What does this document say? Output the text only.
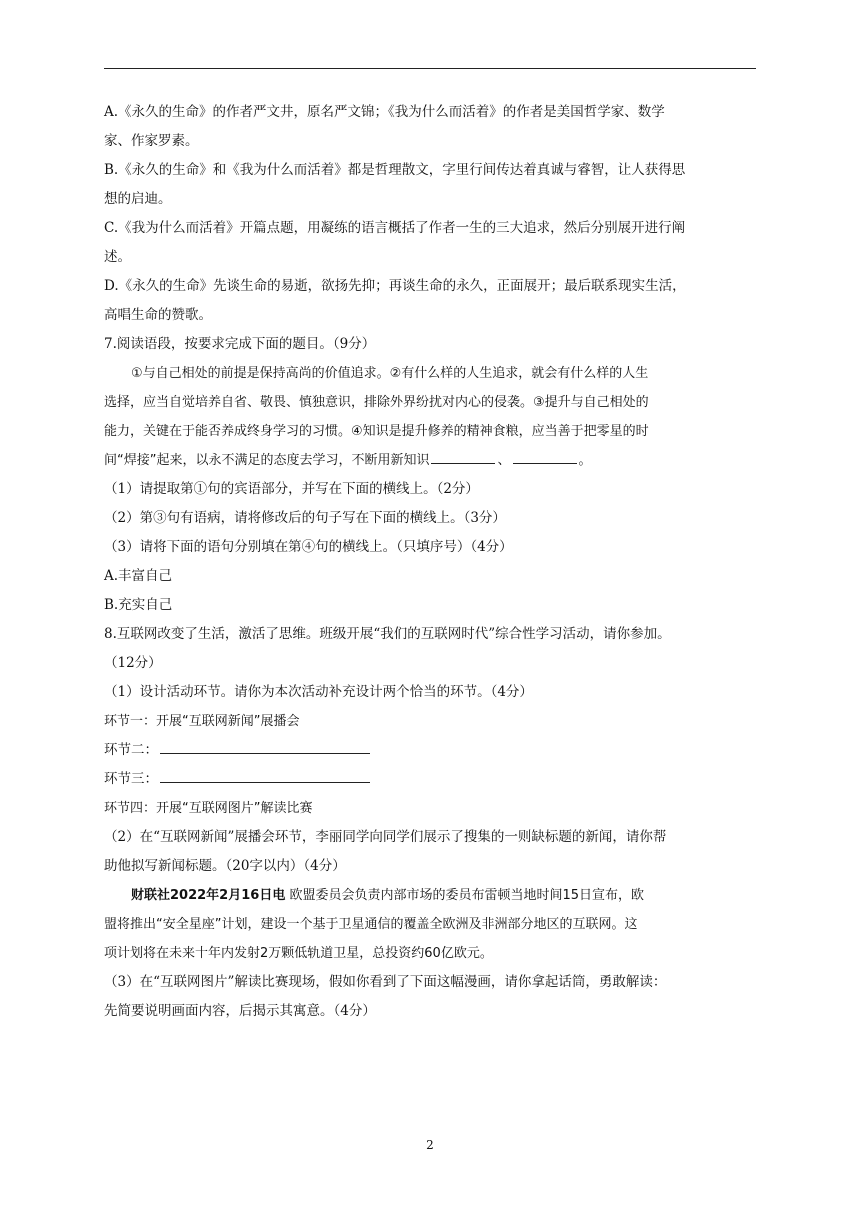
A.《永久的生命》的作者严文井，原名严文锦；《我为什么而活着》的作者是美国哲学家、数学

家、作家罗素。

B.《永久的生命》和《我为什么而活着》都是哲理散文，字里行间传达着真诚与睿智，让人获得思

想的启迪。

C.《我为什么而活着》开篇点题，用凝练的语言概括了作者一生的三大追求，然后分别展开进行阐

述。

D.《永久的生命》先谈生命的易逝，欲扬先抑；再谈生命的永久，正面展开；最后联系现实生活，

高唱生命的赞歌。

7.阅读语段，按要求完成下面的题目。（9分）

①与自己相处的前提是保持高尚的价值追求。②有什么样的人生追求，就会有什么样的人生

选择，应当自觉培养自省、敬畏、慎独意识，排除外界纷扰对内心的侵袭。③提升与自己相处的

能力，关键在于能否养成终身学习的习惯。④知识是提升修养的精神食粮，应当善于把零星的时

间“焊接”起来，以永不满足的态度去学习，不断用新知识	、	。

（1）请提取第①句的宾语部分，并写在下面的横线上。（2分）

（2）第③句有语病，请将修改后的句子写在下面的横线上。（3分）

（3）请将下面的语句分别填在第④句的横线上。（只填序号）（4分）

A.丰富自己

B.充实自己

8.互联网改变了生活，激活了思维。班级开展“我们的互联网时代”综合性学习活动，请你参加。

（12分）

（1）设计活动环节。请你为本次活动补充设计两个恰当的环节。（4分）

环节一：开展“互联网新闻”展播会

环节二：

环节三：

环节四：开展“互联网图片”解读比赛

（2）在“互联网新闻”展播会环节，李丽同学向同学们展示了搜集的一则缺标题的新闻，请你帮

助他拟写新闻标题。（20字以内）（4分）

财联社2022年2月16日电 欧盟委员会负责内部市场的委员布雷顿当地时间15日宣布，欧

盟将推出“安全星座”计划，建设一个基于卫星通信的覆盖全欧洲及非洲部分地区的互联网。这

项计划将在未来十年内发射2万颗低轨道卫星，总投资约60亿欧元。

（3）在“互联网图片”解读比赛现场，假如你看到了下面这幅漫画，请你拿起话筒，勇敢解读：

先简要说明画面内容，后揭示其寓意。（4分）

2
